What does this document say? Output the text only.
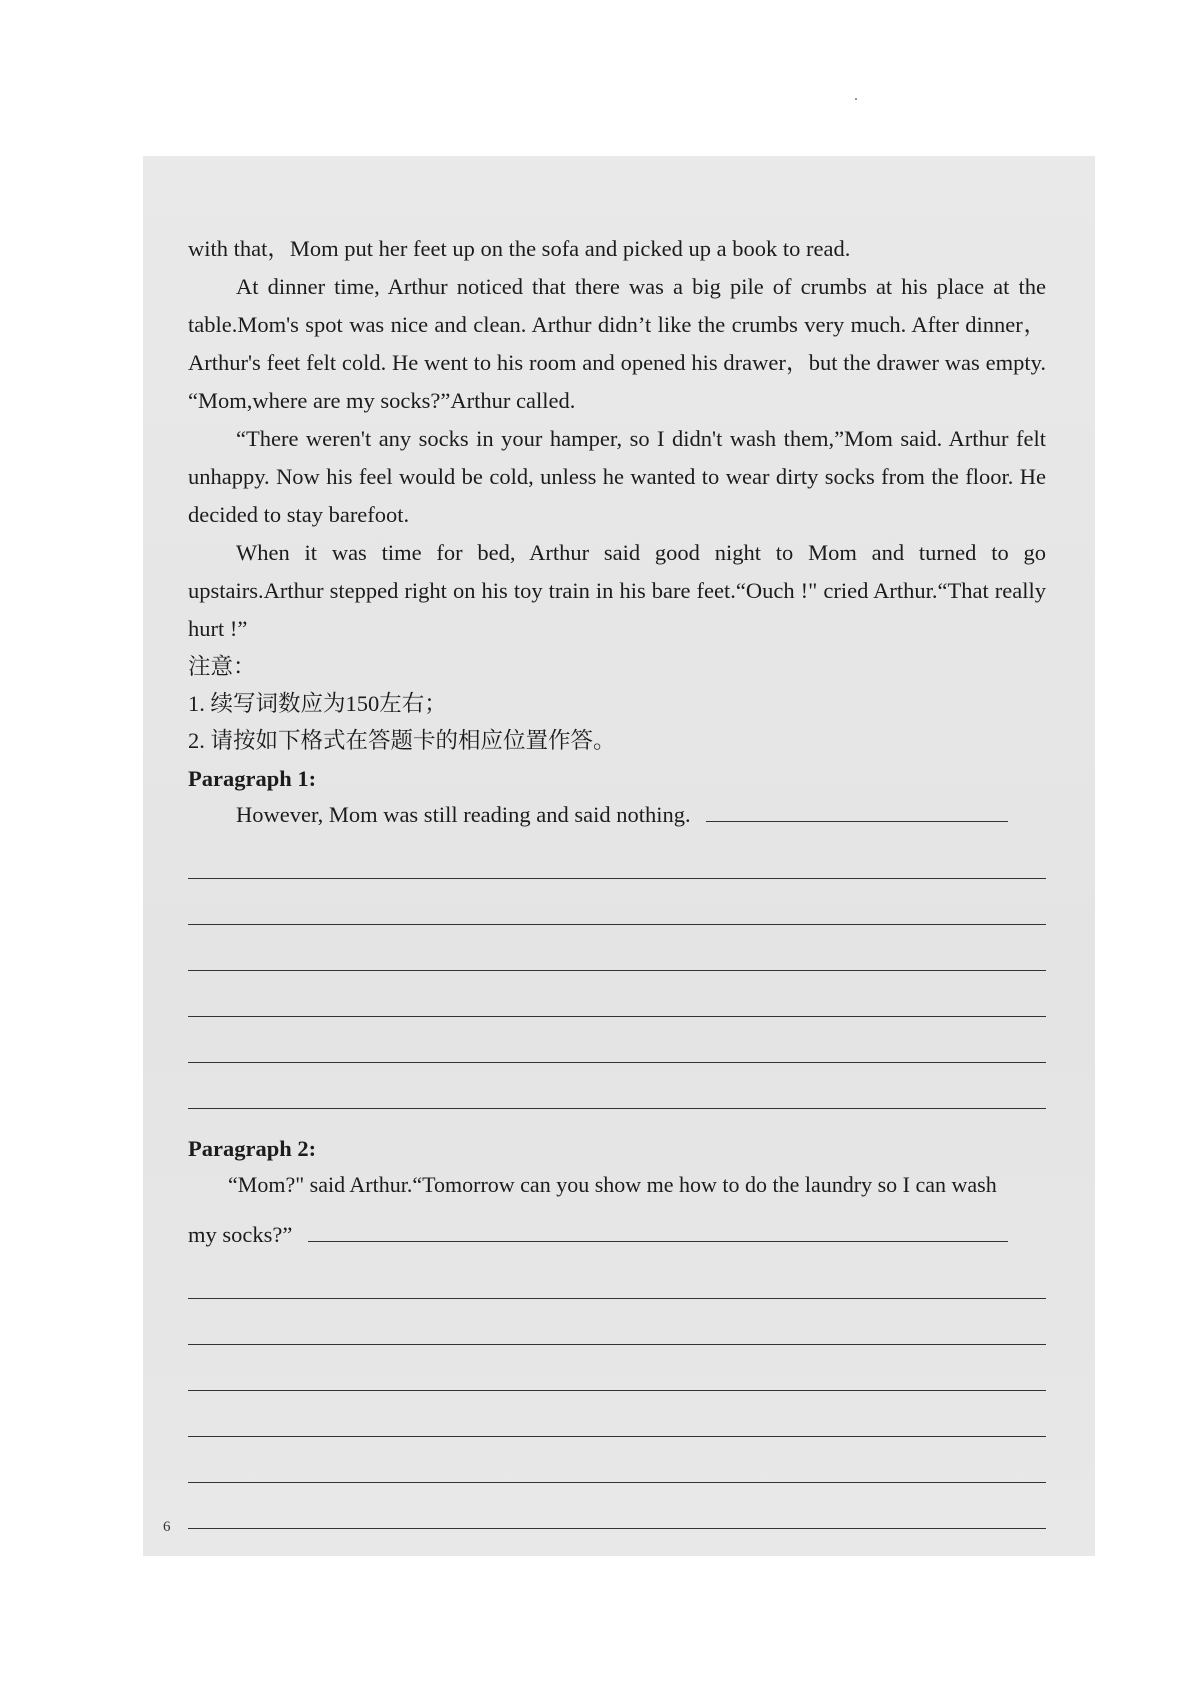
with that，Mom put her feet up on the sofa and picked up a book to read.

At dinner time, Arthur noticed that there was a big pile of crumbs at his place at the table.Mom's spot was nice and clean. Arthur didn’t like the crumbs very much. After dinner，Arthur's feet felt cold. He went to his room and opened his drawer，but the drawer was empty. “Mom,where are my socks?”Arthur called.

“There weren't any socks in your hamper, so I didn't wash them,”Mom said. Arthur felt unhappy. Now his feel would be cold, unless he wanted to wear dirty socks from the floor. He decided to stay barefoot.

When it was time for bed, Arthur said good night to Mom and turned to go upstairs.Arthur stepped right on his toy train in his bare feet.“Ouch !" cried Arthur.“That really hurt !”

注意：

1. 续写词数应为150左右；

2. 请按如下格式在答题卡的相应位置作答。

Paragraph 1:

However, Mom was still reading and said nothing.

Paragraph 2:

“Mom?" said Arthur.“Tomorrow can you show me how to do the laundry so I can wash

my socks?”

6
